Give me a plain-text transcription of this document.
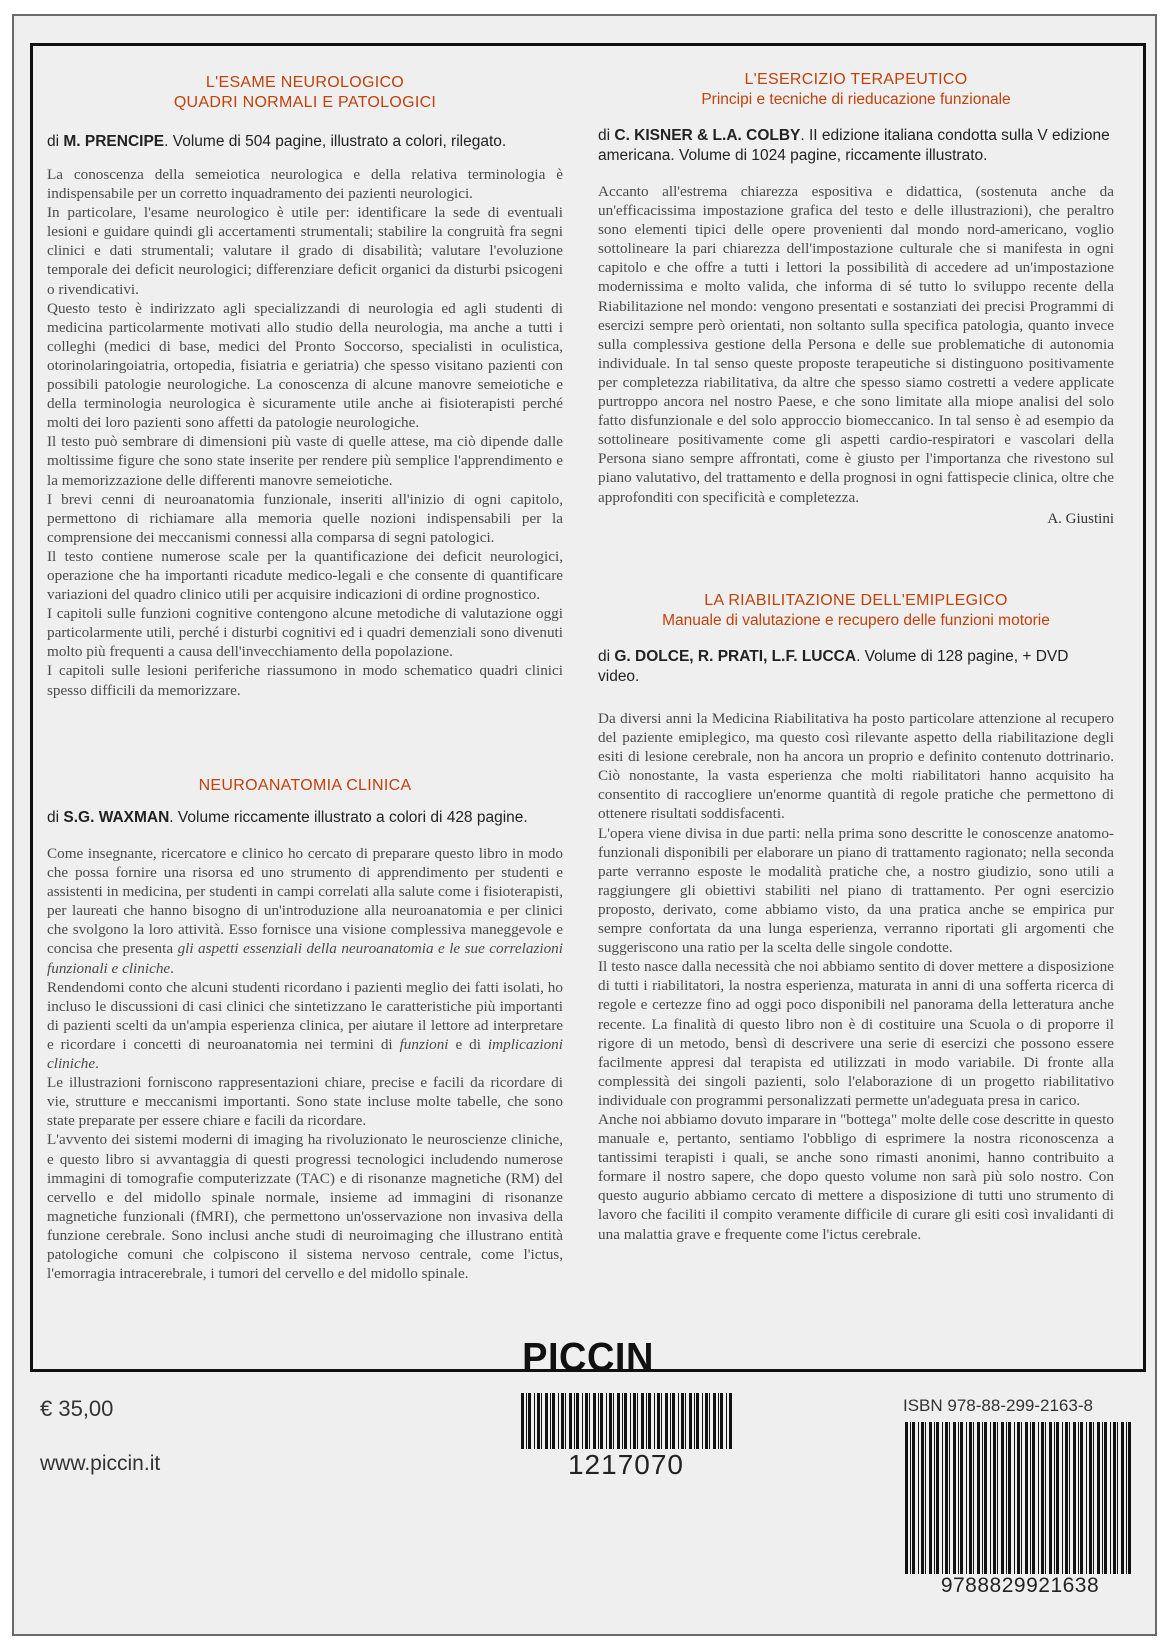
L'ESAME NEUROLOGICO

QUADRI NORMALI E PATOLOGICI

di M. PRENCIPE. Volume di 504 pagine, illustrato a colori, rilegato.

La conoscenza della semeiotica neurologica e della relativa terminologia è indispensabile per un corretto inquadramento dei pazienti neurologici.

In particolare, l'esame neurologico è utile per: identificare la sede di eventuali lesioni e guidare quindi gli accertamenti strumentali; stabilire la congruità fra segni clinici e dati strumentali; valutare il grado di disabilità; valutare l'evoluzione temporale dei deficit neurologici; differenziare deficit organici da disturbi psicogeni o rivendicativi.

Questo testo è indirizzato agli specializzandi di neurologia ed agli studenti di medicina particolarmente motivati allo studio della neurologia, ma anche a tutti i colleghi (medici di base, medici del Pronto Soccorso, specialisti in oculistica, otorinolaringoiatria, ortopedia, fisiatria e geriatria) che spesso visitano pazienti con possibili patologie neurologiche. La conoscenza di alcune manovre semeiotiche e della terminologia neurologica è sicuramente utile anche ai fisioterapisti perché molti dei loro pazienti sono affetti da patologie neurologiche.

Il testo può sembrare di dimensioni più vaste di quelle attese, ma ciò dipende dalle moltissime figure che sono state inserite per rendere più semplice l'apprendimento e la memorizzazione delle differenti manovre semeiotiche.

I brevi cenni di neuroanatomia funzionale, inseriti all'inizio di ogni capitolo, permettono di richiamare alla memoria quelle nozioni indispensabili per la comprensione dei meccanismi connessi alla comparsa di segni patologici.

Il testo contiene numerose scale per la quantificazione dei deficit neurologici, operazione che ha importanti ricadute medico-legali e che consente di quantificare variazioni del quadro clinico utili per acquisire indicazioni di ordine prognostico.

I capitoli sulle funzioni cognitive contengono alcune metodiche di valutazione oggi particolarmente utili, perché i disturbi cognitivi ed i quadri demenziali sono divenuti molto più frequenti a causa dell'invecchiamento della popolazione.

I capitoli sulle lesioni periferiche riassumono in modo schematico quadri clinici spesso difficili da memorizzare.

NEUROANATOMIA CLINICA

di S.G. WAXMAN. Volume riccamente illustrato a colori di 428 pagine.

Come insegnante, ricercatore e clinico ho cercato di preparare questo libro in modo che possa fornire una risorsa ed uno strumento di apprendimento per studenti e assistenti in medicina, per studenti in campi correlati alla salute come i fisioterapisti, per laureati che hanno bisogno di un'introduzione alla neuroanatomia e per clinici che svolgono la loro attività. Esso fornisce una visione complessiva maneggevole e concisa che presenta gli aspetti essenziali della neuroanatomia e le sue correlazioni funzionali e cliniche.

Rendendomi conto che alcuni studenti ricordano i pazienti meglio dei fatti isolati, ho incluso le discussioni di casi clinici che sintetizzano le caratteristiche più importanti di pazienti scelti da un'ampia esperienza clinica, per aiutare il lettore ad interpretare e ricordare i concetti di neuroanatomia nei termini di funzioni e di implicazioni cliniche.

Le illustrazioni forniscono rappresentazioni chiare, precise e facili da ricordare di vie, strutture e meccanismi importanti. Sono state incluse molte tabelle, che sono state preparate per essere chiare e facili da ricordare.

L'avvento dei sistemi moderni di imaging ha rivoluzionato le neuroscienze cliniche, e questo libro si avvantaggia di questi progressi tecnologici includendo numerose immagini di tomografie computerizzate (TAC) e di risonanze magnetiche (RM) del cervello e del midollo spinale normale, insieme ad immagini di risonanze magnetiche funzionali (fMRI), che permettono un'osservazione non invasiva della funzione cerebrale. Sono inclusi anche studi di neuroimaging che illustrano entità patologiche comuni che colpiscono il sistema nervoso centrale, come l'ictus, l'emorragia intracerebrale, i tumori del cervello e del midollo spinale.

L'ESERCIZIO TERAPEUTICO

Principi e tecniche di rieducazione funzionale

di C. KISNER & L.A. COLBY. II edizione italiana condotta sulla V edizione americana. Volume di 1024 pagine, riccamente illustrato.

Accanto all'estrema chiarezza espositiva e didattica, (sostenuta anche da un'efficacissima impostazione grafica del testo e delle illustrazioni), che peraltro sono elementi tipici delle opere provenienti dal mondo nord-americano, voglio sottolineare la pari chiarezza dell'impostazione culturale che si manifesta in ogni capitolo e che offre a tutti i lettori la possibilità di accedere ad un'impostazione modernissima e molto valida, che informa di sé tutto lo sviluppo recente della Riabilitazione nel mondo: vengono presentati e sostanziati dei precisi Programmi di esercizi sempre però orientati, non soltanto sulla specifica patologia, quanto invece sulla complessiva gestione della Persona e delle sue problematiche di autonomia individuale. In tal senso queste proposte terapeutiche si distinguono positivamente per completezza riabilitativa, da altre che spesso siamo costretti a vedere applicate purtroppo ancora nel nostro Paese, e che sono limitate alla miope analisi del solo fatto disfunzionale e del solo approccio biomeccanico. In tal senso è ad esempio da sottolineare positivamente come gli aspetti cardio-respiratori e vascolari della Persona siano sempre affrontati, come è giusto per l'importanza che rivestono sul piano valutativo, del trattamento e della prognosi in ogni fattispecie clinica, oltre che approfonditi con specificità e completezza.

A. Giustini

LA RIABILITAZIONE DELL'EMIPLEGICO

Manuale di valutazione e recupero delle funzioni motorie

di G. DOLCE, R. PRATI, L.F. LUCCA. Volume di 128 pagine, + DVD video.

Da diversi anni la Medicina Riabilitativa ha posto particolare attenzione al recupero del paziente emiplegico, ma questo così rilevante aspetto della riabilitazione degli esiti di lesione cerebrale, non ha ancora un proprio e definito contenuto dottrinario. Ciò nonostante, la vasta esperienza che molti riabilitatori hanno acquisito ha consentito di raccogliere un'enorme quantità di regole pratiche che permettono di ottenere risultati soddisfacenti.

L'opera viene divisa in due parti: nella prima sono descritte le conoscenze anatomo-funzionali disponibili per elaborare un piano di trattamento ragionato; nella seconda parte verranno esposte le modalità pratiche che, a nostro giudizio, sono utili a raggiungere gli obiettivi stabiliti nel piano di trattamento. Per ogni esercizio proposto, derivato, come abbiamo visto, da una pratica anche se empirica pur sempre confortata da una lunga esperienza, verranno riportati gli argomenti che suggeriscono una ratio per la scelta delle singole condotte.

Il testo nasce dalla necessità che noi abbiamo sentito di dover mettere a disposizione di tutti i riabilitatori, la nostra esperienza, maturata in anni di una sofferta ricerca di regole e certezze fino ad oggi poco disponibili nel panorama della letteratura anche recente. La finalità di questo libro non è di costituire una Scuola o di proporre il rigore di un metodo, bensì di descrivere una serie di esercizi che possono essere facilmente appresi dal terapista ed utilizzati in modo variabile. Di fronte alla complessità dei singoli pazienti, solo l'elaborazione di un progetto riabilitativo individuale con programmi personalizzati permette un'adeguata presa in carico.

Anche noi abbiamo dovuto imparare in "bottega" molte delle cose descritte in questo manuale e, pertanto, sentiamo l'obbligo di esprimere la nostra riconoscenza a tantissimi terapisti i quali, se anche sono rimasti anonimi, hanno contribuito a formare il nostro sapere, che dopo questo volume non sarà più solo nostro. Con questo augurio abbiamo cercato di mettere a disposizione di tutti uno strumento di lavoro che faciliti il compito veramente difficile di curare gli esiti così invalidanti di una malattia grave e frequente come l'ictus cerebrale.

PICCIN
€ 35,00
www.piccin.it	1217070
ISBN 978-88-299-2163-8
9788829921638
